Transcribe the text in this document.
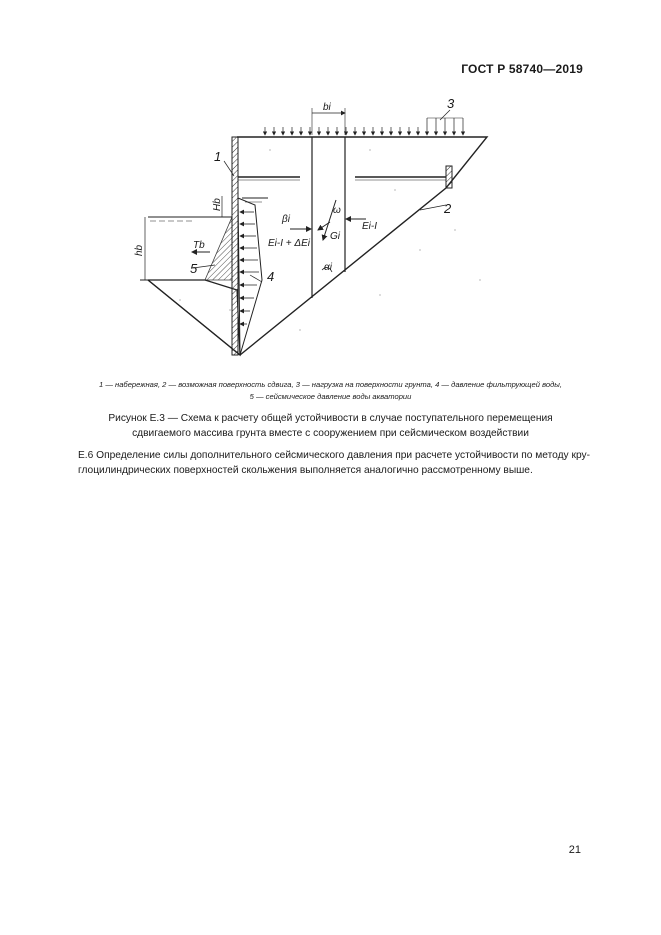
ГОСТ Р 58740—2019
1
2
3
4
5
bi
βi
ω
Gi
Ei-I
Ei-I + ΔEi
αi
Tb
Hb
hb
1 — набережная, 2 — возможная поверхность сдвига, 3 — нагрузка на поверхности грунта, 4 — давление фильтрующей воды,
5 — сейсмическое давление воды акватории
Рисунок Е.3 — Схема к расчету общей устойчивости в случае поступательного перемещения
сдвигаемого массива грунта вместе с сооружением при сейсмическом воздействии
Е.6 Определение силы дополнительного сейсмического давления при расчете устойчивости по методу кру-глоцилиндрических поверхностей скольжения выполняется аналогично рассмотренному выше.
21
